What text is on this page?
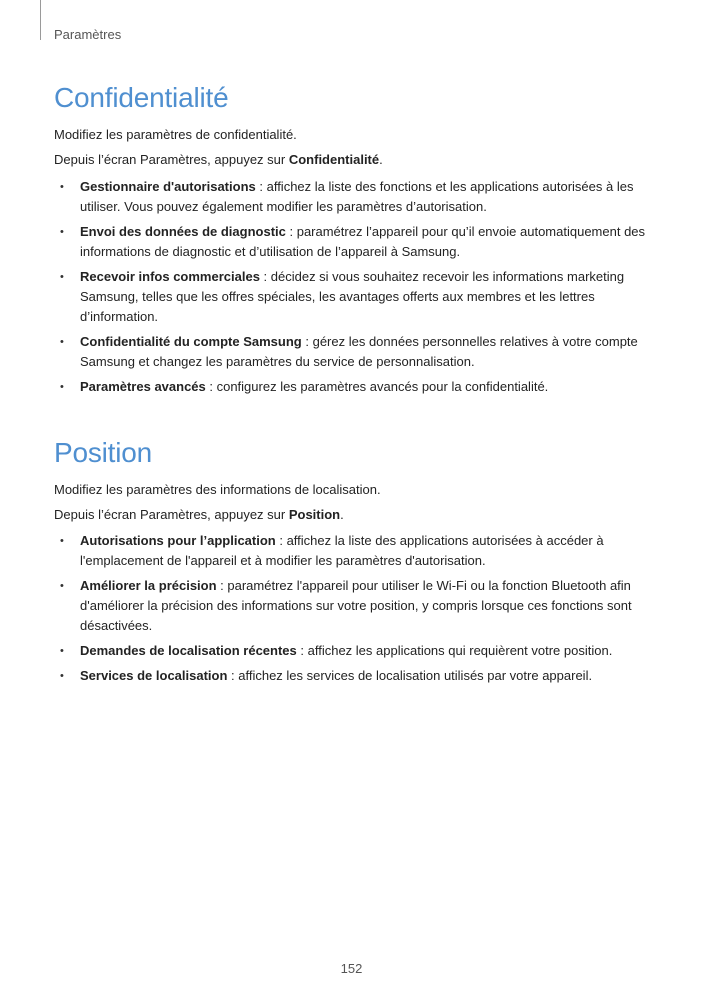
Paramètres
Confidentialité

Modifiez les paramètres de confidentialité.

Depuis l’écran Paramètres, appuyez sur Confidentialité.

• Gestionnaire d'autorisations : affichez la liste des fonctions et les applications autorisées à les utiliser. Vous pouvez également modifier les paramètres d’autorisation.
• Envoi des données de diagnostic : paramétrez l’appareil pour qu’il envoie automatiquement des informations de diagnostic et d’utilisation de l’appareil à Samsung.
• Recevoir infos commerciales : décidez si vous souhaitez recevoir les informations marketing Samsung, telles que les offres spéciales, les avantages offerts aux membres et les lettres d’information.
• Confidentialité du compte Samsung : gérez les données personnelles relatives à votre compte Samsung et changez les paramètres du service de personnalisation.
• Paramètres avancés : configurez les paramètres avancés pour la confidentialité.
Position

Modifiez les paramètres des informations de localisation.

Depuis l’écran Paramètres, appuyez sur Position.

• Autorisations pour l’application : affichez la liste des applications autorisées à accéder à l'emplacement de l'appareil et à modifier les paramètres d'autorisation.
• Améliorer la précision : paramétrez l'appareil pour utiliser le Wi-Fi ou la fonction Bluetooth afin d'améliorer la précision des informations sur votre position, y compris lorsque ces fonctions sont désactivées.
• Demandes de localisation récentes : affichez les applications qui requièrent votre position.
• Services de localisation : affichez les services de localisation utilisés par votre appareil.
152
